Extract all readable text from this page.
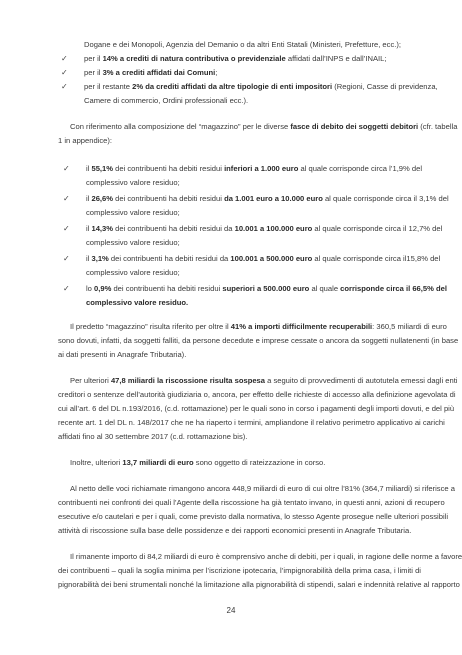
Dogane e dei Monopoli, Agenzia del Demanio o da altri Enti Statali (Ministeri, Prefetture, ecc.);
✓ per il 14% a crediti di natura contributiva o previdenziale affidati dall’INPS e dall’INAIL;
✓ per il 3% a crediti affidati dai Comuni;
✓ per il restante 2% da crediti affidati da altre tipologie di enti impositori (Regioni, Casse di previdenza,
Camere di commercio, Ordini professionali ecc.).
Con riferimento alla composizione del “magazzino” per le diverse fasce di debito dei soggetti debitori (cfr. tabella
1 in appendice):
✓ il 55,1% dei contribuenti ha debiti residui inferiori a 1.000 euro al quale corrisponde circa l’1,9% del
complessivo valore residuo;
✓ il 26,6% dei contribuenti ha debiti residui da 1.001 euro a 10.000 euro al quale corrisponde circa il 3,1% del
complessivo valore residuo;
✓ il 14,3% dei contribuenti ha debiti residui da 10.001 a 100.000 euro al quale corrisponde circa il 12,7% del
complessivo valore residuo;
✓ il 3,1% dei contribuenti ha debiti residui da 100.001 a 500.000 euro al quale corrisponde circa il15,8% del
complessivo valore residuo;
✓ lo 0,9% dei contribuenti ha debiti residui superiori a 500.000 euro al quale corrisponde circa il 66,5% del
complessivo valore residuo.
Il predetto “magazzino” risulta riferito per oltre il 41% a importi difficilmente recuperabili: 360,5 miliardi di euro
sono dovuti, infatti, da soggetti falliti, da persone decedute e imprese cessate o ancora da soggetti nullatenenti (in base
ai dati presenti in Anagrafe Tributaria).
Per ulteriori 47,8 miliardi la riscossione risulta sospesa a seguito di provvedimenti di autotutela emessi dagli enti
creditori o sentenze dell’autorità giudiziaria o, ancora, per effetto delle richieste di accesso alla definizione agevolata di
cui all’art. 6 del DL n.193/2016, (c.d. rottamazione) per le quali sono in corso i pagamenti degli importi dovuti, e del più
recente art. 1 del DL n. 148/2017 che ne ha riaperto i termini, ampliandone il relativo perimetro applicativo ai carichi
affidati fino al 30 settembre 2017 (c.d. rottamazione bis).
Inoltre, ulteriori 13,7 miliardi di euro sono oggetto di rateizzazione in corso.
Al netto delle voci richiamate rimangono ancora 448,9 miliardi di euro di cui oltre l’81% (364,7 miliardi) si riferisce a
contribuenti nei confronti dei quali l’Agente della riscossione ha già tentato invano, in questi anni, azioni di recupero
esecutive e/o cautelari e per i quali, come previsto dalla normativa, lo stesso Agente prosegue nelle ulteriori possibili
attività di riscossione sulla base delle possidenze e dei rapporti economici presenti in Anagrafe Tributaria.
Il rimanente importo di 84,2 miliardi di euro è comprensivo anche di debiti, per i quali, in ragione delle norme a favore
dei contribuenti – quali la soglia minima per l’iscrizione ipotecaria, l’impignorabilità della prima casa, i limiti di
pignorabilità dei beni strumentali nonché la limitazione alla pignorabilità di stipendi, salari e indennità relative al rapporto
24
